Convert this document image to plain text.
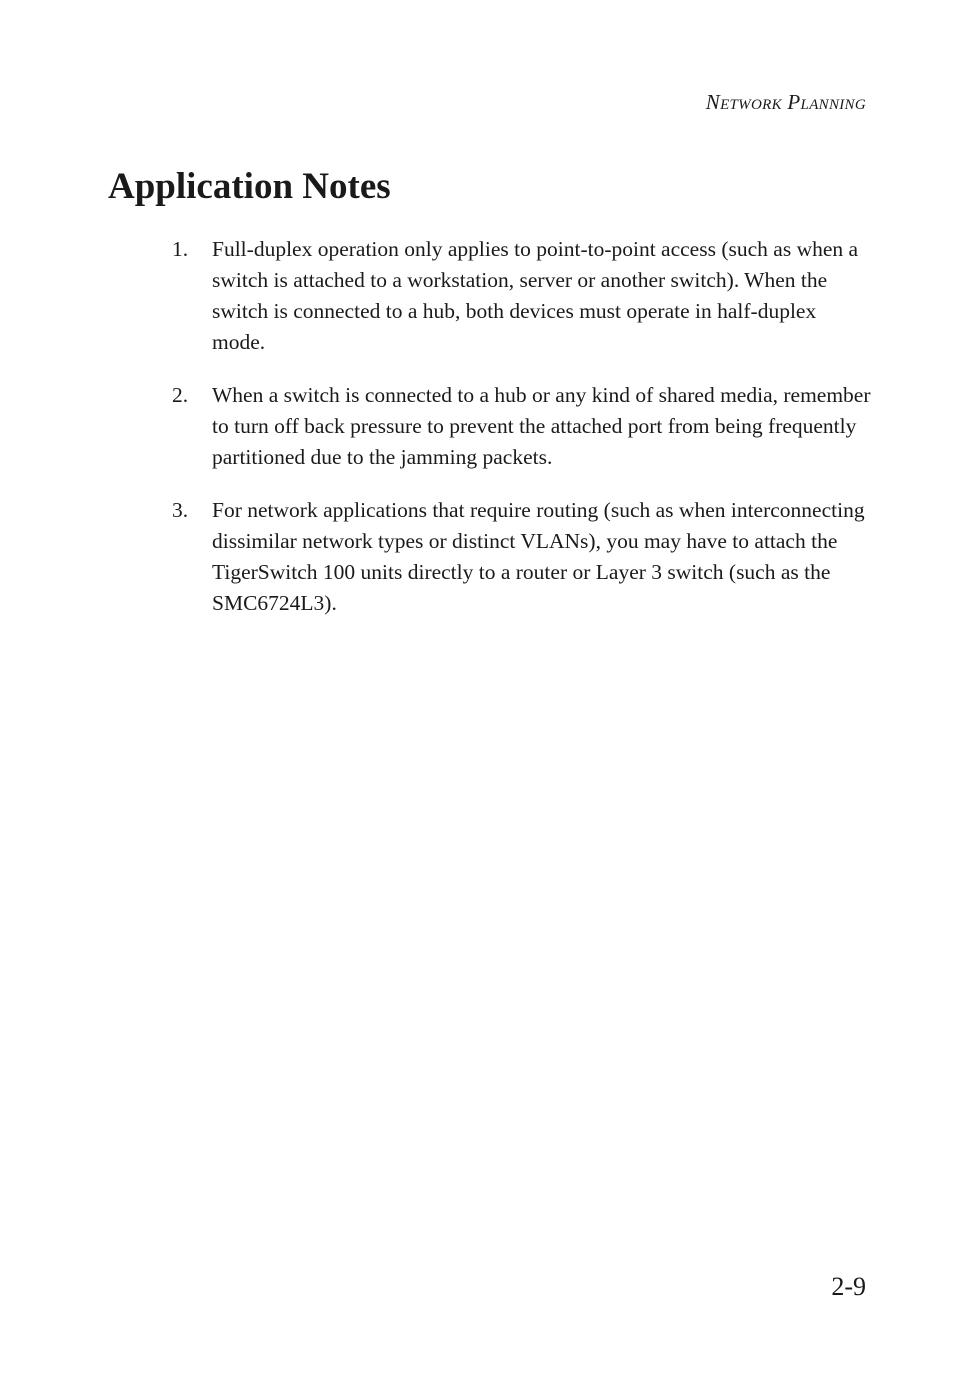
Network Planning
Application Notes
1. Full-duplex operation only applies to point-to-point access (such as when a switch is attached to a workstation, server or another switch). When the switch is connected to a hub, both devices must operate in half-duplex mode.
2. When a switch is connected to a hub or any kind of shared media, remember to turn off back pressure to prevent the attached port from being frequently partitioned due to the jamming packets.
3. For network applications that require routing (such as when interconnecting dissimilar network types or distinct VLANs), you may have to attach the TigerSwitch 100 units directly to a router or Layer 3 switch (such as the SMC6724L3).
2-9
